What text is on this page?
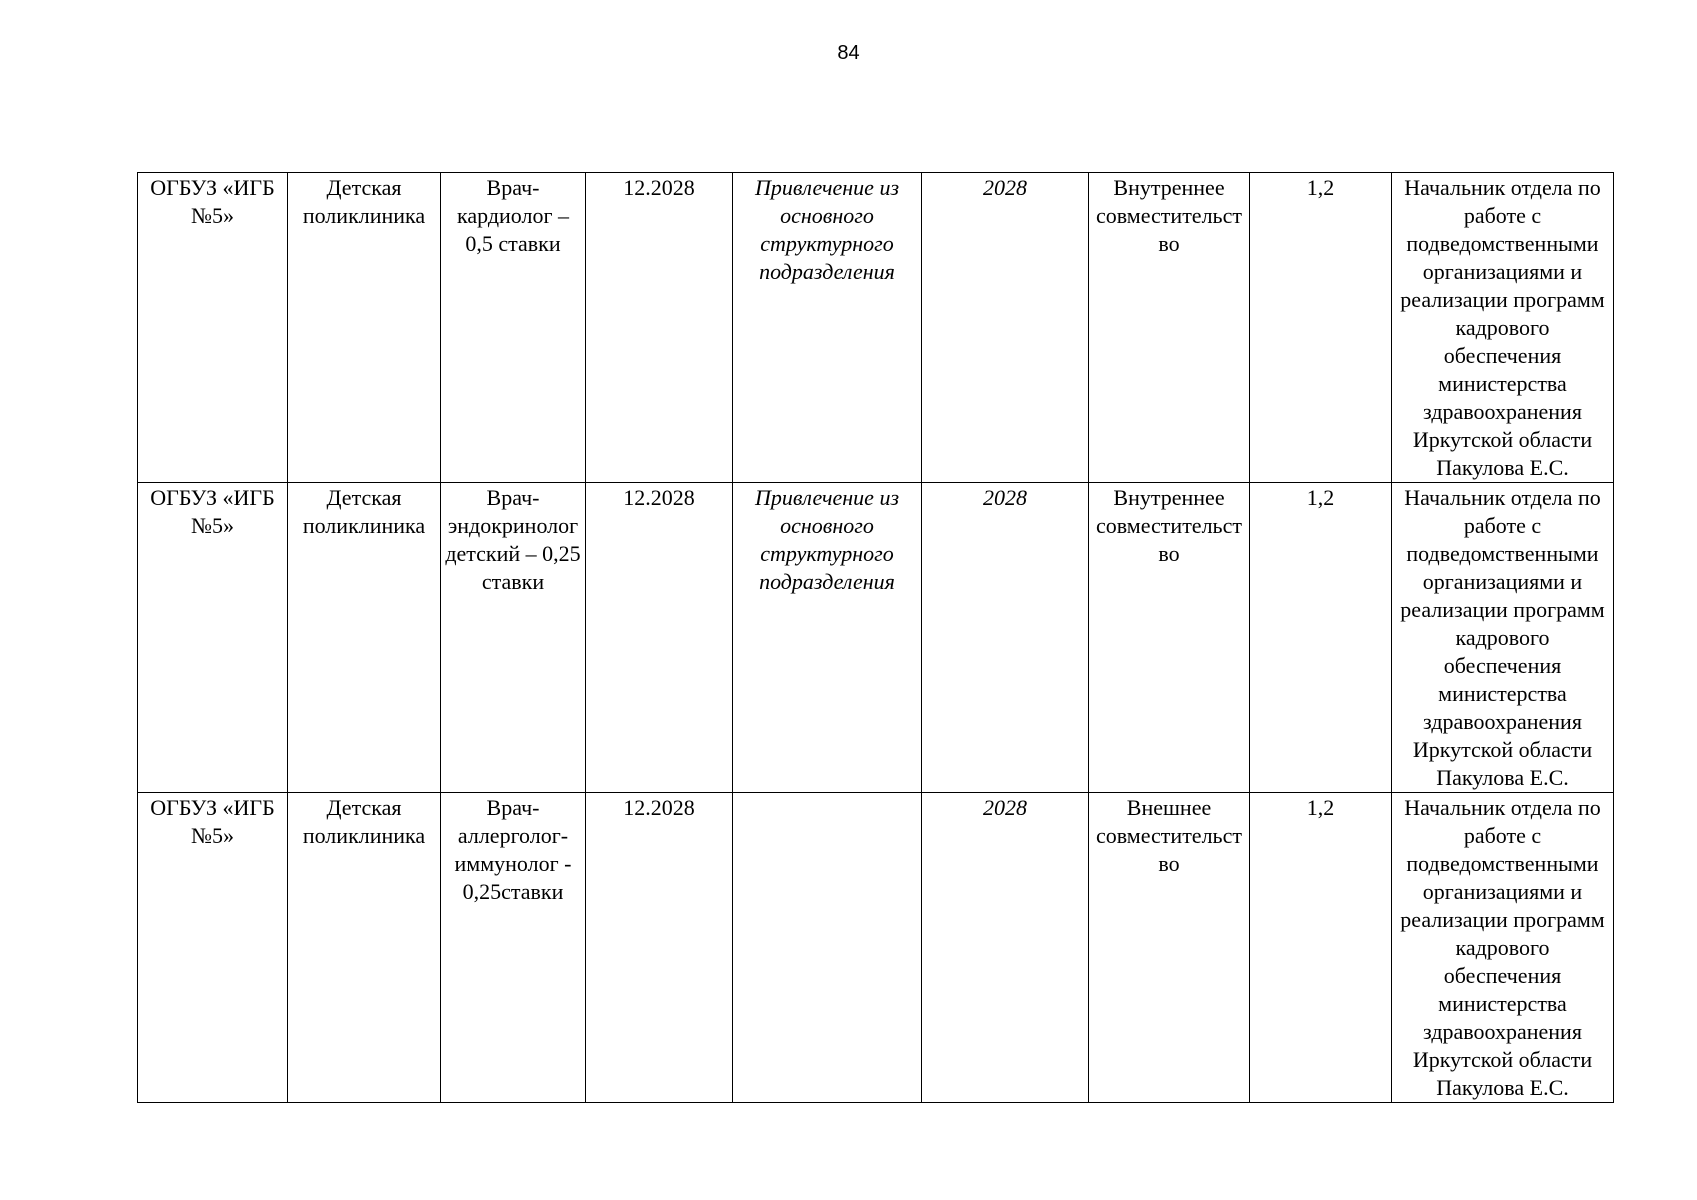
84
ОГБУЗ «ИГБ №5»	Детская поликлиника	Врач-кардиолог – 0,5 ставки	12.2028	Привлечение из основного структурного подразделения	2028	Внутреннее совместительство	1,2	Начальник отдела по работе с подведомственными организациями и реализации программ кадрового обеспечения министерства здравоохранения Иркутской области Пакулова Е.С.
ОГБУЗ «ИГБ №5»	Детская поликлиника	Врач-эндокринолог детский – 0,25 ставки	12.2028	Привлечение из основного структурного подразделения	2028	Внутреннее совместительство	1,2	Начальник отдела по работе с подведомственными организациями и реализации программ кадрового обеспечения министерства здравоохранения Иркутской области Пакулова Е.С.
ОГБУЗ «ИГБ №5»	Детская поликлиника	Врач-аллерголог-иммунолог - 0,25ставки	12.2028		2028	Внешнее совместительство	1,2	Начальник отдела по работе с подведомственными организациями и реализации программ кадрового обеспечения министерства здравоохранения Иркутской области Пакулова Е.С.
